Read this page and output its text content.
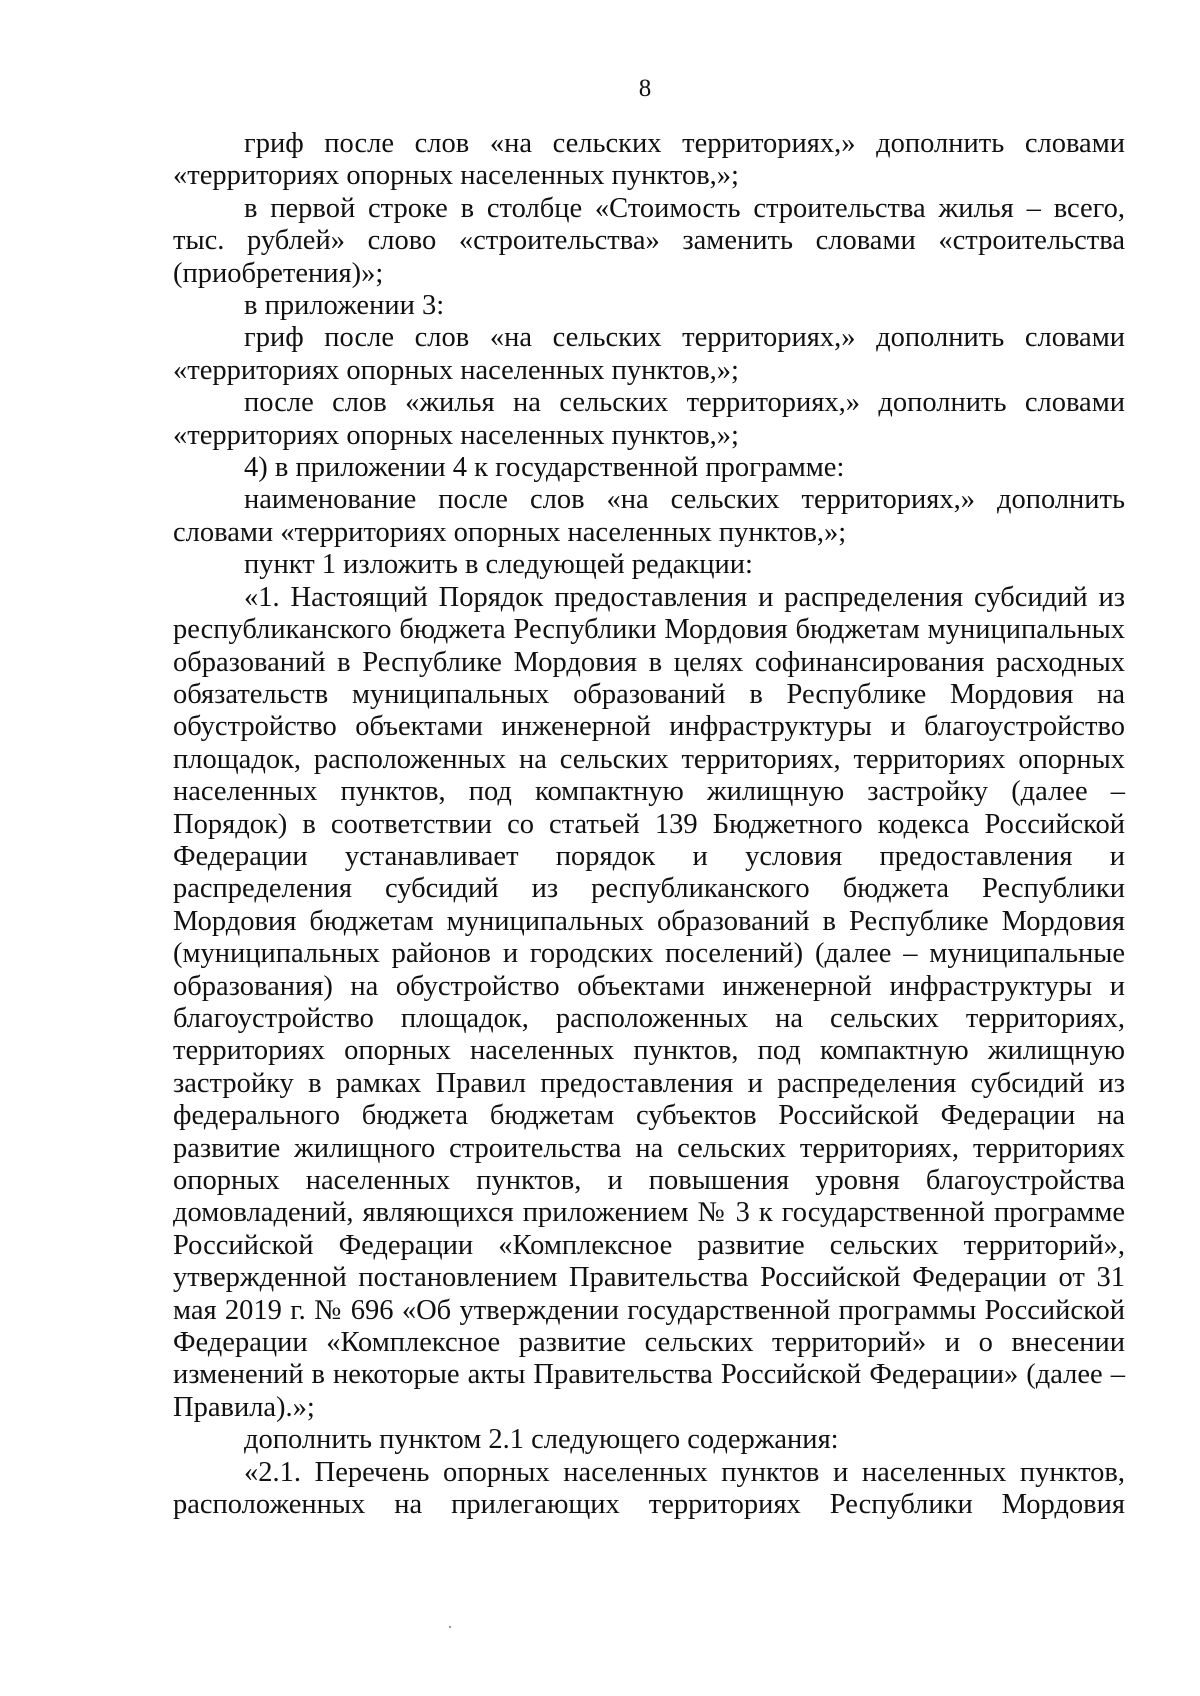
8

гриф после слов «на сельских территориях,» дополнить словами «территориях опорных населенных пунктов,»;

в первой строке в столбце «Стоимость строительства жилья – всего, тыс. рублей» слово «строительства» заменить словами «строительства (приобретения)»;

в приложении 3:

гриф после слов «на сельских территориях,» дополнить словами «территориях опорных населенных пунктов,»;

после слов «жилья на сельских территориях,» дополнить словами «территориях опорных населенных пунктов,»;

4) в приложении 4 к государственной программе:

наименование после слов «на сельских территориях,» дополнить словами «территориях опорных населенных пунктов,»;

пункт 1 изложить в следующей редакции:

«1. Настоящий Порядок предоставления и распределения субсидий из республиканского бюджета Республики Мордовия бюджетам муниципальных образований в Республике Мордовия в целях софинансирования расходных обязательств муниципальных образований в Республике Мордовия на обустройство объектами инженерной инфраструктуры и благоустройство площадок, расположенных на сельских территориях, территориях опорных населенных пунктов, под компактную жилищную застройку (далее – Порядок) в соответствии со статьей 139 Бюджетного кодекса Российской Федерации устанавливает порядок и условия предоставления и распределения субсидий из республиканского бюджета Республики Мордовия бюджетам муниципальных образований в Республике Мордовия (муниципальных районов и городских поселений) (далее – муниципальные образования) на обустройство объектами инженерной инфраструктуры и благоустройство площадок, расположенных на сельских территориях, территориях опорных населенных пунктов, под компактную жилищную застройку в рамках Правил предоставления и распределения субсидий из федерального бюджета бюджетам субъектов Российской Федерации на развитие жилищного строительства на сельских территориях, территориях опорных населенных пунктов, и повышения уровня благоустройства домовладений, являющихся приложением № 3 к государственной программе Российской Федерации «Комплексное развитие сельских территорий», утвержденной постановлением Правительства Российской Федерации от 31 мая 2019 г. № 696 «Об утверждении государственной программы Российской Федерации «Комплексное развитие сельских территорий» и о внесении изменений в некоторые акты Правительства Российской Федерации» (далее – Правила).»;

дополнить пунктом 2.1 следующего содержания:

«2.1. Перечень опорных населенных пунктов и населенных пунктов, расположенных на прилегающих территориях Республики Мордовия
